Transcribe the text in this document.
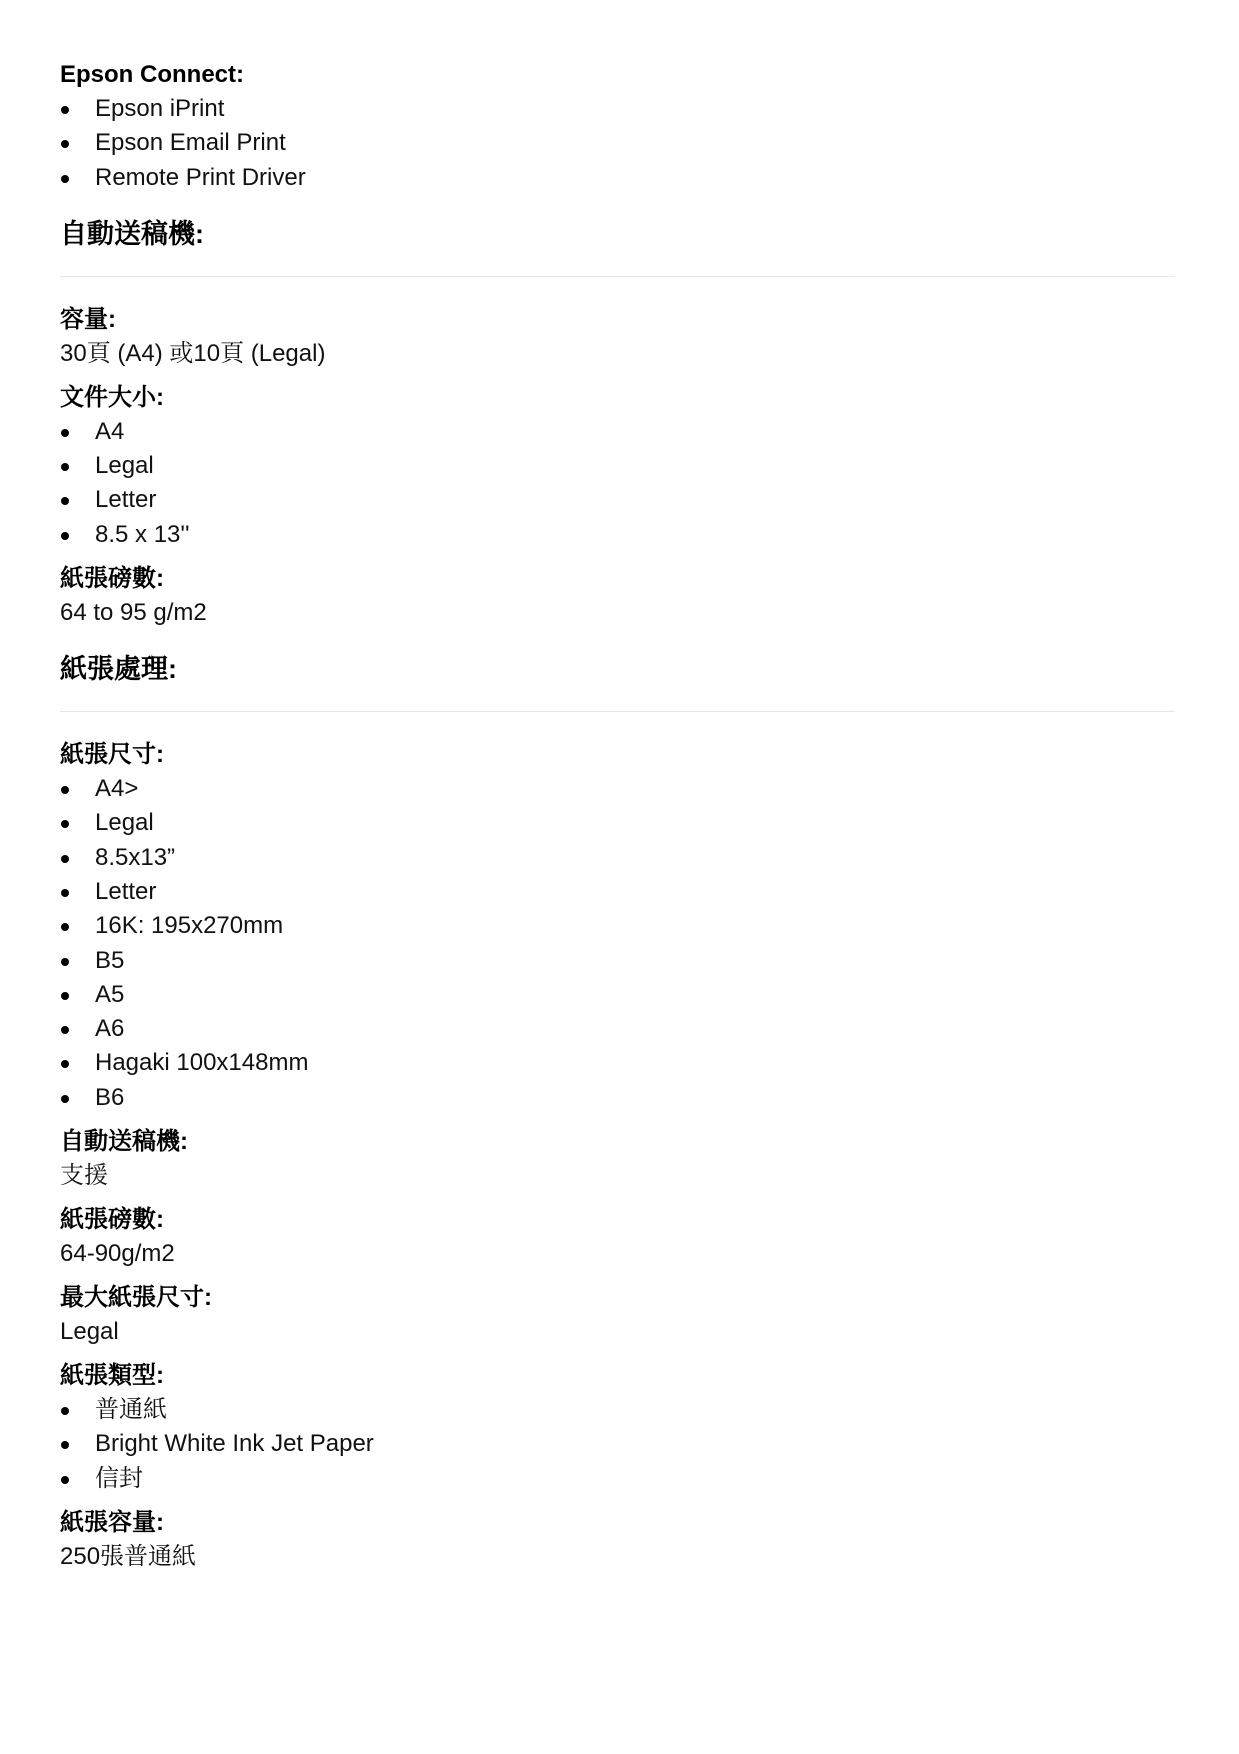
Epson Connect:

Epson iPrint
Epson Email Print
Remote Print Driver

自動送稿機:

容量:

30頁 (A4) 或10頁 (Legal)

文件大小:

A4
Legal
Letter
8.5 x 13''

紙張磅數:

64 to 95 g/m2

紙張處理:

紙張尺寸:

A4>
Legal
8.5x13”
Letter
16K: 195x270mm
B5
A5
A6
Hagaki 100x148mm
B6

自動送稿機:

支援

紙張磅數:

64-90g/m2

最大紙張尺寸:

Legal

紙張類型:

普通紙
Bright White Ink Jet Paper
信封

紙張容量:

250張普通紙
